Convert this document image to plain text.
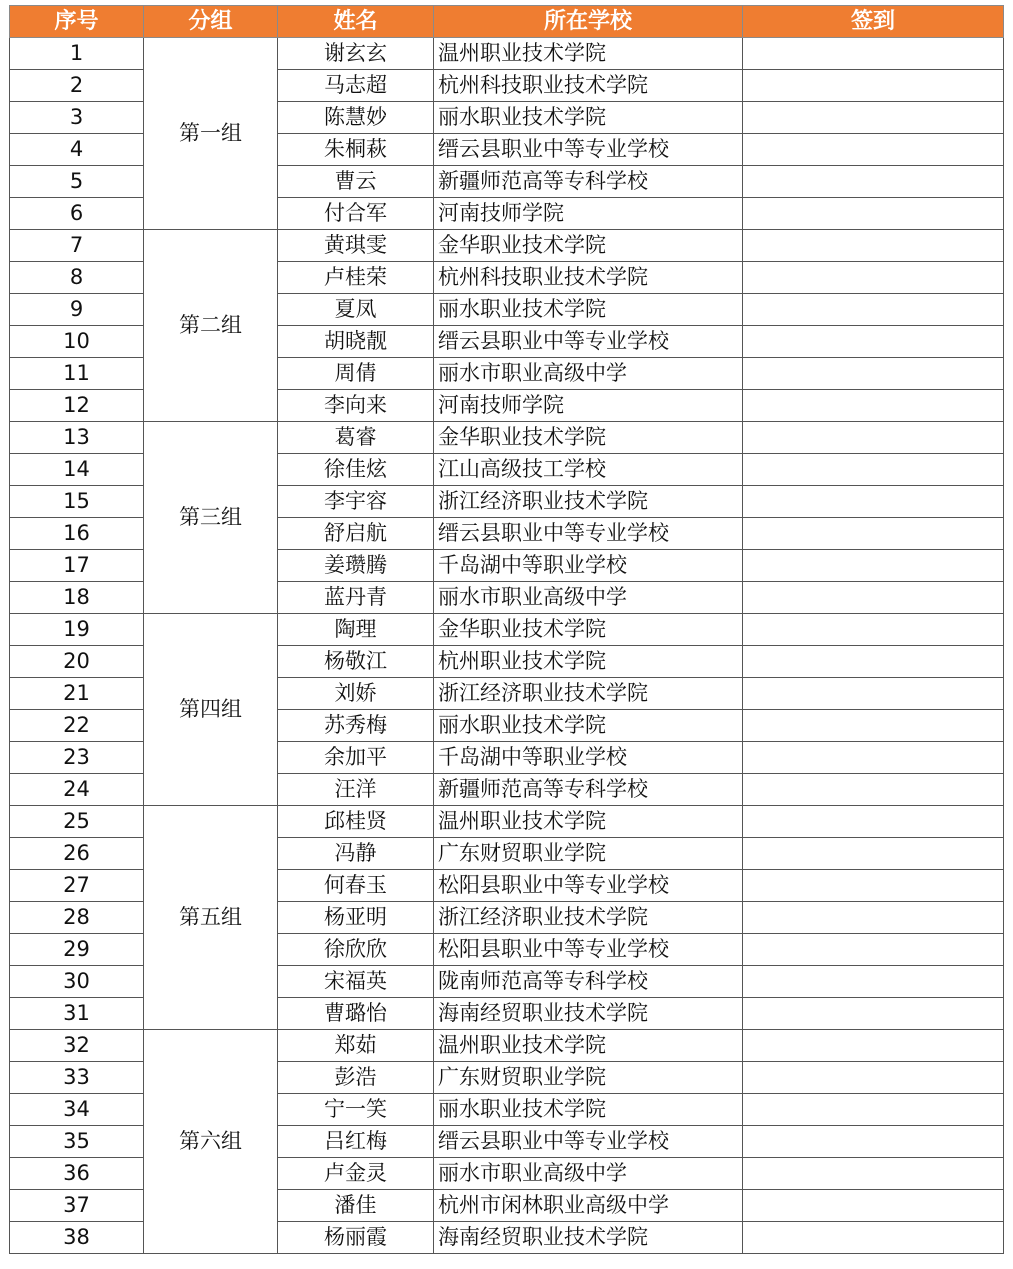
序号	分组	姓名	所在学校	签到
1	第一组	谢玄玄	温州职业技术学院	
2		马志超	杭州科技职业技术学院	
3		陈慧妙	丽水职业技术学院	
4		朱桐萩	缙云县职业中等专业学校	
5		曹云	新疆师范高等专科学校	
6		付合军	河南技师学院	
7	第二组	黄琪雯	金华职业技术学院	
8		卢桂荣	杭州科技职业技术学院	
9		夏凤	丽水职业技术学院	
10		胡晓靓	缙云县职业中等专业学校	
11		周倩	丽水市职业高级中学	
12		李向来	河南技师学院	
13	第三组	葛睿	金华职业技术学院	
14		徐佳炫	江山高级技工学校	
15		李宇容	浙江经济职业技术学院	
16		舒启航	缙云县职业中等专业学校	
17		姜瓒腾	千岛湖中等职业学校	
18		蓝丹青	丽水市职业高级中学	
19	第四组	陶理	金华职业技术学院	
20		杨敬江	杭州职业技术学院	
21		刘娇	浙江经济职业技术学院	
22		苏秀梅	丽水职业技术学院	
23		余加平	千岛湖中等职业学校	
24		汪洋	新疆师范高等专科学校	
25	第五组	邱桂贤	温州职业技术学院	
26		冯静	广东财贸职业学院	
27		何春玉	松阳县职业中等专业学校	
28		杨亚明	浙江经济职业技术学院	
29		徐欣欣	松阳县职业中等专业学校	
30		宋福英	陇南师范高等专科学校	
31		曹璐怡	海南经贸职业技术学院	
32	第六组	郑茹	温州职业技术学院	
33		彭浩	广东财贸职业学院	
34		宁一笑	丽水职业技术学院	
35		吕红梅	缙云县职业中等专业学校	
36		卢金灵	丽水市职业高级中学	
37		潘佳	杭州市闲林职业高级中学	
38		杨丽霞	海南经贸职业技术学院	
